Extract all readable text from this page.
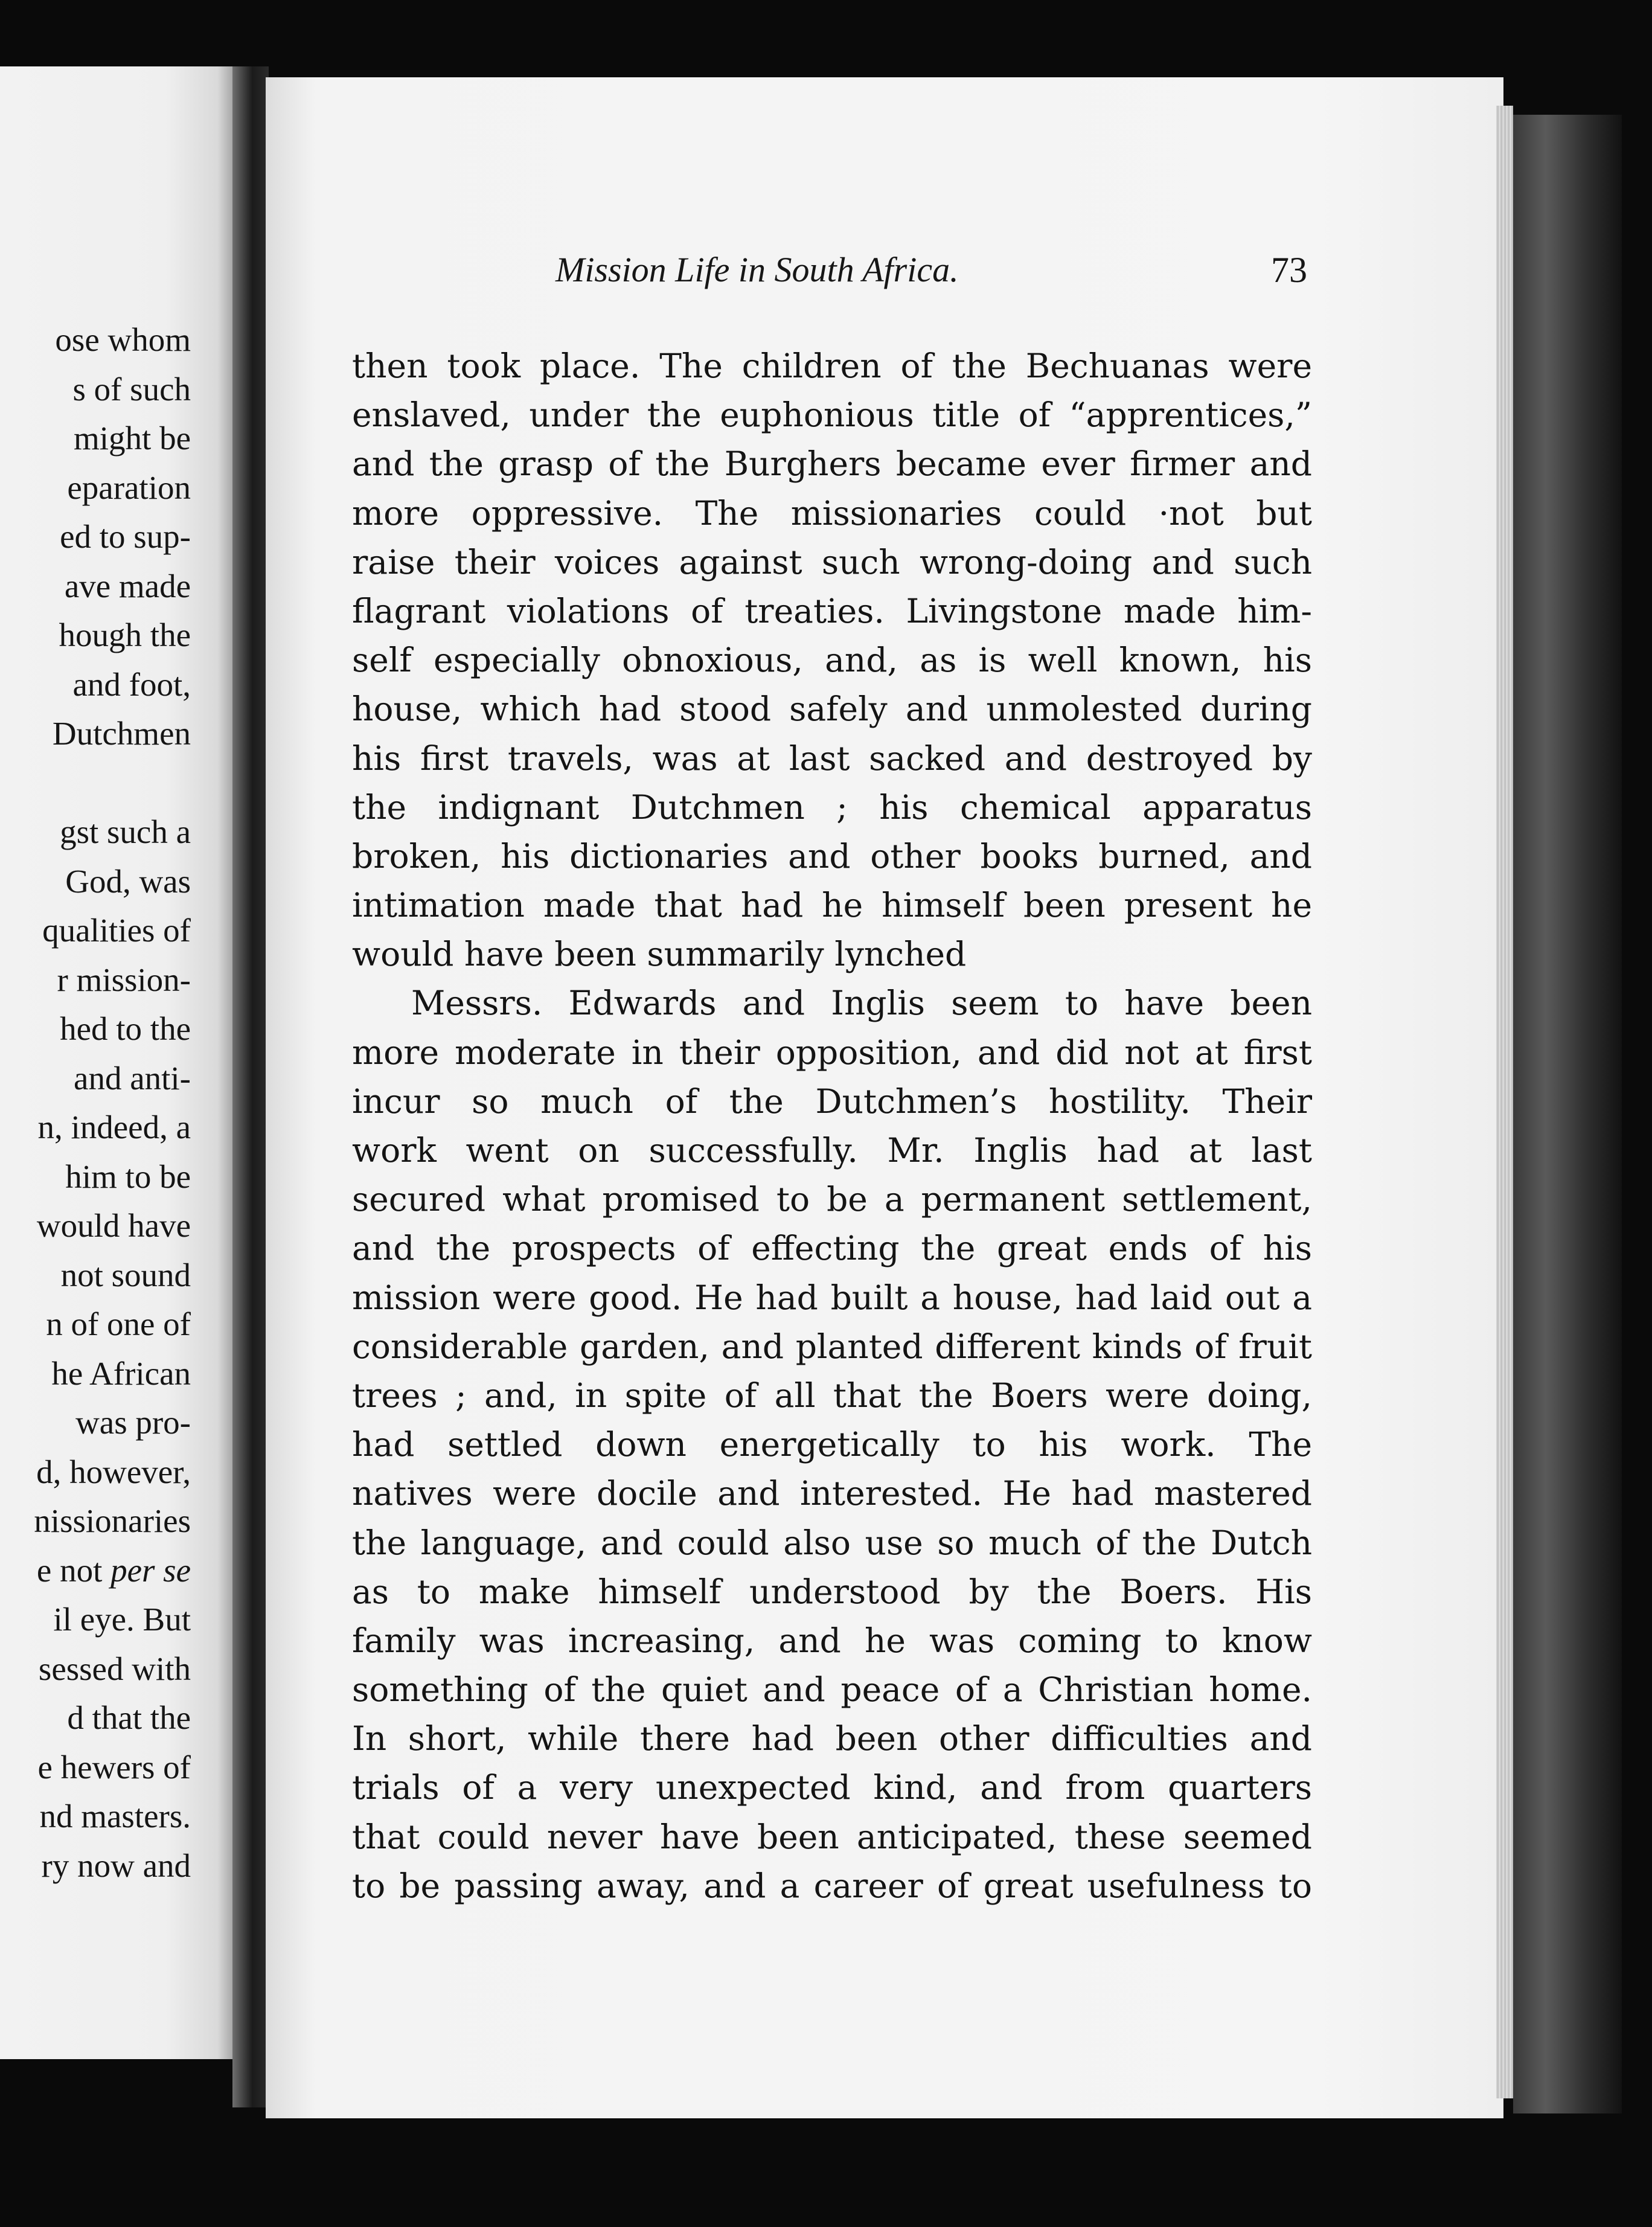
ose whom
s of such
might be
eparation
ed to sup-
ave made
hough the
and foot,
Dutchmen

gst such a
God, was
qualities of
r mission-
hed to the
and anti-
n, indeed, a
him to be
would have
not sound
n of one of
he African
was pro-
d, however,
nissionaries
e not per se
il eye. But
sessed with
d that the
e hewers of
nd masters.
ry now and
Mission Life in South Africa.	73
then took place. The children of the Bechuanas were
enslaved, under the euphonious title of “apprentices,”
and the grasp of the Burghers became ever firmer and
more oppressive. The missionaries could ·not but
raise their voices against such wrong-doing and such
flagrant violations of treaties. Livingstone made him-
self especially obnoxious, and, as is well known, his
house, which had stood safely and unmolested during
his first travels, was at last sacked and destroyed by
the indignant Dutchmen ; his chemical apparatus
broken, his dictionaries and other books burned, and
intimation made that had he himself been present he
would have been summarily lynched
Messrs. Edwards and Inglis seem to have been
more moderate in their opposition, and did not at first
incur so much of the Dutchmen’s hostility. Their
work went on successfully. Mr. Inglis had at last
secured what promised to be a permanent settlement,
and the prospects of effecting the great ends of his
mission were good. He had built a house, had laid out a
considerable garden, and planted different kinds of fruit
trees ; and, in spite of all that the Boers were doing,
had settled down energetically to his work. The
natives were docile and interested. He had mastered
the language, and could also use so much of the Dutch
as to make himself understood by the Boers. His
family was increasing, and he was coming to know
something of the quiet and peace of a Christian home.
In short, while there had been other difficulties and
trials of a very unexpected kind, and from quarters
that could never have been anticipated, these seemed
to be passing away, and a career of great usefulness to
